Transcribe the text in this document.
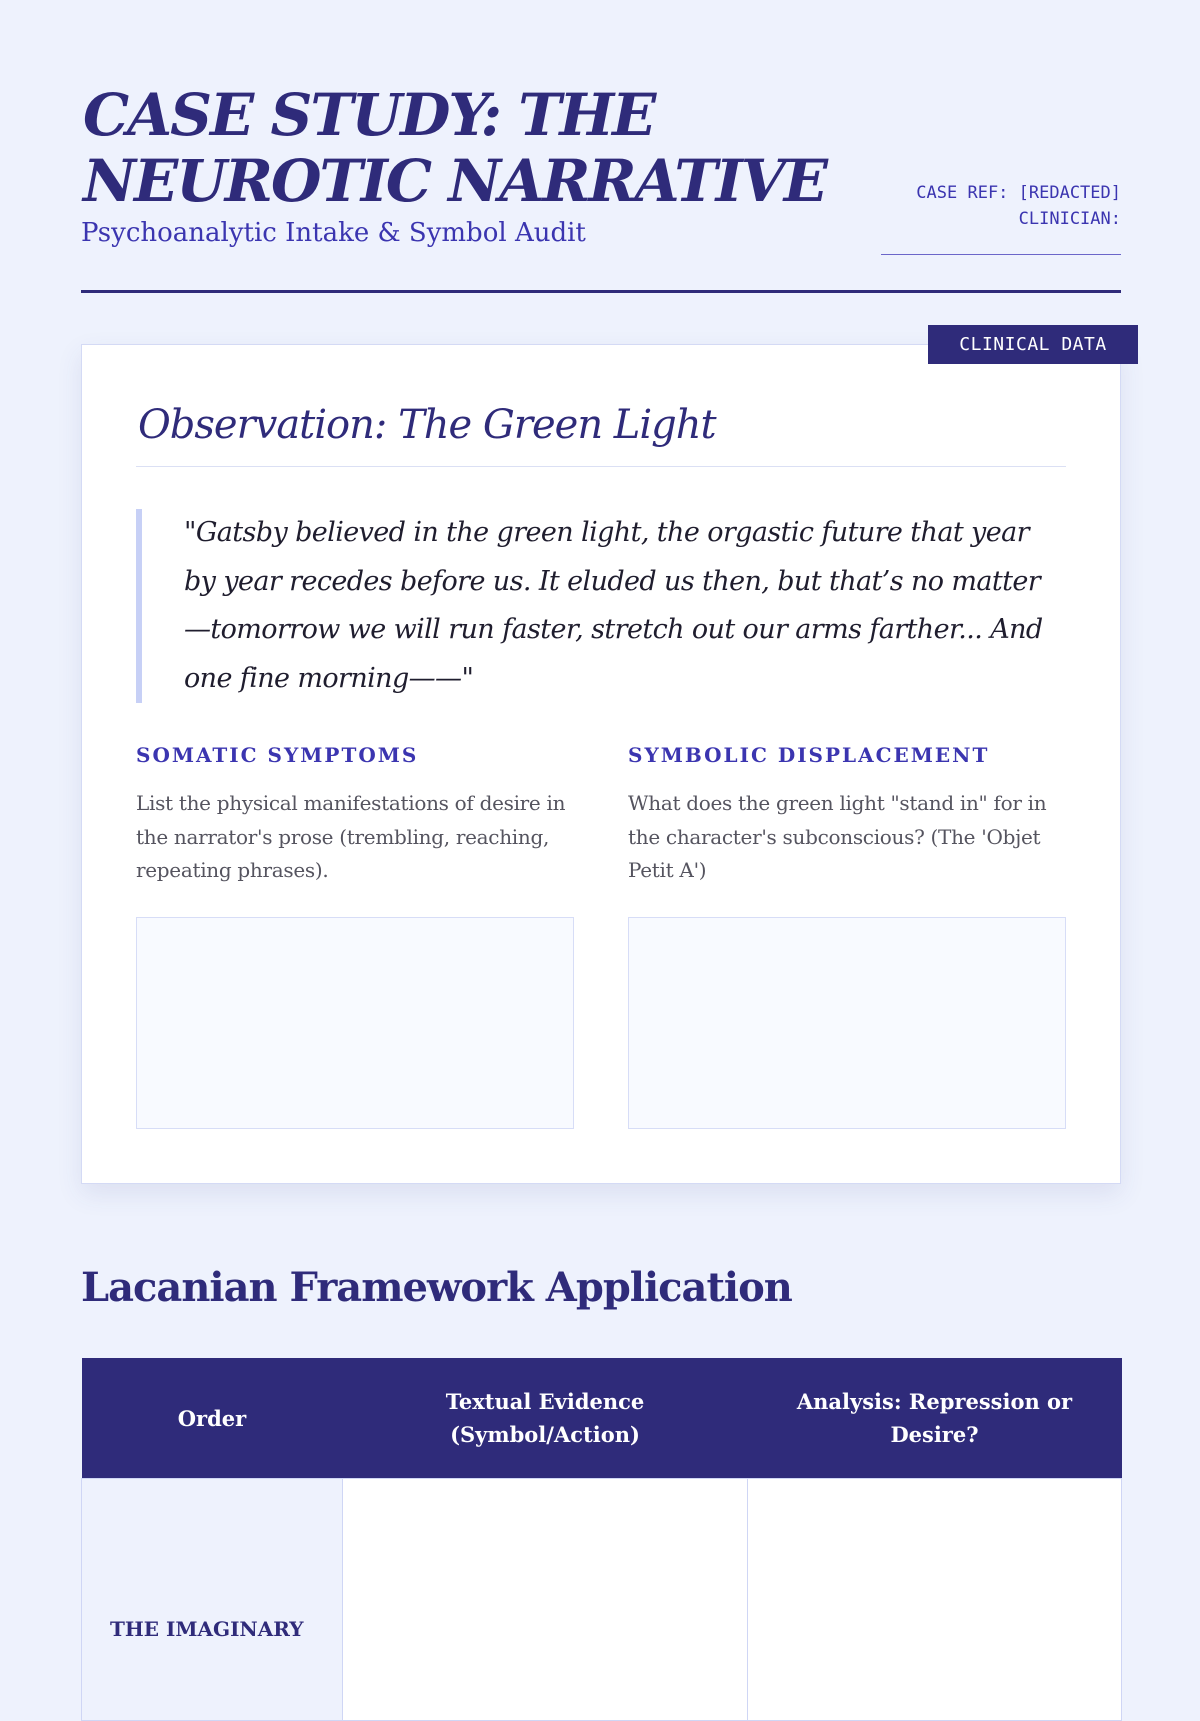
CASE STUDY: THE NEUROTIC NARRATIVE
Psychoanalytic Intake & Symbol Audit
CASE REF: [REDACTED]
CLINICIAN:
Observation: The Green Light
"Gatsby believed in the green light, the orgastic future that year by year recedes before us. It eluded us then, but that’s no matter—tomorrow we will run faster, stretch out our arms farther... And one fine morning——"
SOMATIC SYMPTOMS

List the physical manifestations of desire in the narrator's prose (trembling, reaching, repeating phrases).

SYMBOLIC DISPLACEMENT

What does the green light "stand in" for in the character's subconscious? (The 'Objet Petit A')

Lacanian Framework Application
Order	Textual Evidence (Symbol/Action)	Analysis: Repression or Desire?
THE IMAGINARY		
CLINICAL DATA
